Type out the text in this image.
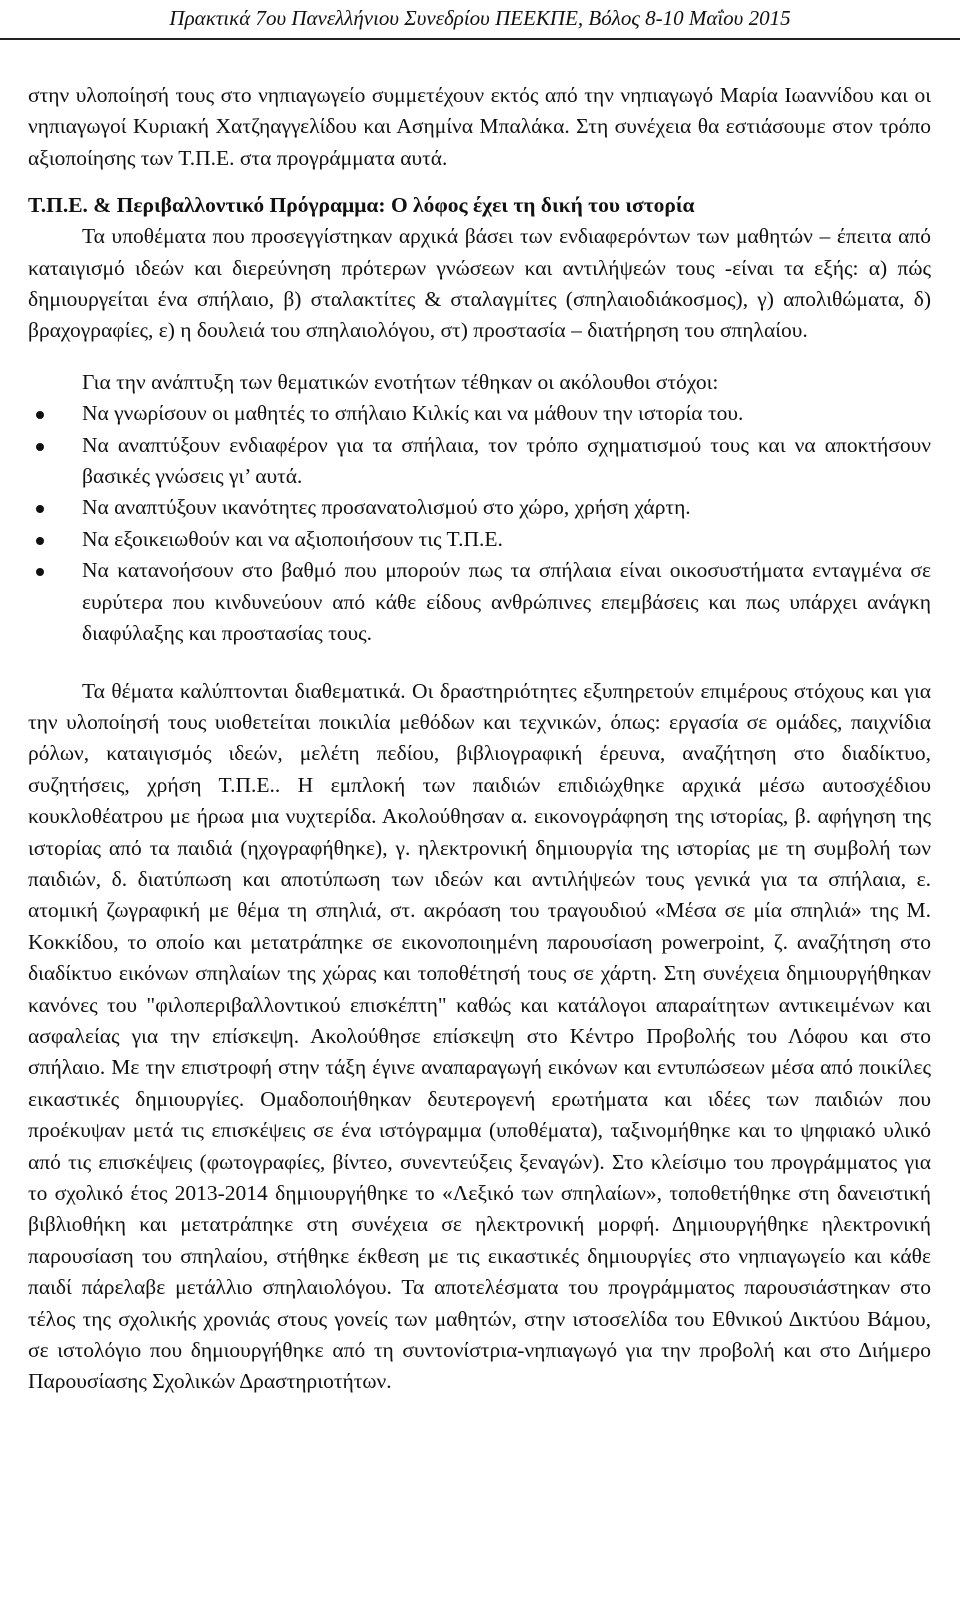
Πρακτικά 7ου Πανελλήνιου Συνεδρίου ΠΕΕΚΠΕ, Βόλος 8-10 Μαΐου 2015

στην υλοποίησή τους στο νηπιαγωγείο συμμετέχουν εκτός από την νηπιαγωγό Μαρία Ιωαννίδου και οι νηπιαγωγοί Κυριακή Χατζηαγγελίδου και Ασημίνα Μπαλάκα. Στη συνέχεια θα εστιάσουμε στον τρόπο αξιοποίησης των Τ.Π.Ε. στα προγράμματα αυτά.

Τ.Π.Ε. & Περιβαλλοντικό Πρόγραμμα: Ο λόφος έχει τη δική του ιστορία

Τα υποθέματα που προσεγγίστηκαν αρχικά βάσει των ενδιαφερόντων των μαθητών – έπειτα από καταιγισμό ιδεών και διερεύνηση πρότερων γνώσεων και αντιλήψεών τους -είναι τα εξής: α) πώς δημιουργείται ένα σπήλαιο, β) σταλακτίτες & σταλαγμίτες (σπηλαιοδιάκοσμος), γ) απολιθώματα, δ) βραχογραφίες, ε) η δουλειά του σπηλαιολόγου, στ) προστασία – διατήρηση του σπηλαίου.

Για την ανάπτυξη των θεματικών ενοτήτων τέθηκαν οι ακόλουθοι στόχοι:

Να γνωρίσουν οι μαθητές το σπήλαιο Κιλκίς και να μάθουν την ιστορία του.
Να αναπτύξουν ενδιαφέρον για τα σπήλαια, τον τρόπο σχηματισμού τους και να αποκτήσουν βασικές γνώσεις γι’ αυτά.
Να αναπτύξουν ικανότητες προσανατολισμού στο χώρο, χρήση χάρτη.
Να εξοικειωθούν και να αξιοποιήσουν τις Τ.Π.Ε.
Να κατανοήσουν στο βαθμό που μπορούν πως τα σπήλαια είναι οικοσυστήματα ενταγμένα σε ευρύτερα που κινδυνεύουν από κάθε είδους ανθρώπινες επεμβάσεις και πως υπάρχει ανάγκη διαφύλαξης και προστασίας τους.

Τα θέματα καλύπτονται διαθεματικά. Οι δραστηριότητες εξυπηρετούν επιμέρους στόχους και για την υλοποίησή τους υιοθετείται ποικιλία μεθόδων και τεχνικών, όπως: εργασία σε ομάδες, παιχνίδια ρόλων, καταιγισμός ιδεών, μελέτη πεδίου, βιβλιογραφική έρευνα, αναζήτηση στο διαδίκτυο, συζητήσεις, χρήση Τ.Π.Ε.. Η εμπλοκή των παιδιών επιδιώχθηκε αρχικά μέσω αυτοσχέδιου κουκλοθέατρου με ήρωα μια νυχτερίδα. Ακολούθησαν α. εικονογράφηση της ιστορίας, β. αφήγηση της ιστορίας από τα παιδιά (ηχογραφήθηκε), γ. ηλεκτρονική δημιουργία της ιστορίας με τη συμβολή των παιδιών, δ. διατύπωση και αποτύπωση των ιδεών και αντιλήψεών τους γενικά για τα σπήλαια, ε. ατομική ζωγραφική με θέμα τη σπηλιά, στ. ακρόαση του τραγουδιού «Μέσα σε μία σπηλιά» της Μ. Κοκκίδου, το οποίο και μετατράπηκε σε εικονοποιημένη παρουσίαση powerpoint, ζ. αναζήτηση στο διαδίκτυο εικόνων σπηλαίων της χώρας και τοποθέτησή τους σε χάρτη. Στη συνέχεια δημιουργήθηκαν κανόνες του "φιλοπεριβαλλοντικού επισκέπτη" καθώς και κατάλογοι απαραίτητων αντικειμένων και ασφαλείας για την επίσκεψη. Ακολούθησε επίσκεψη στο Κέντρο Προβολής του Λόφου και στο σπήλαιο. Με την επιστροφή στην τάξη έγινε αναπαραγωγή εικόνων και εντυπώσεων μέσα από ποικίλες εικαστικές δημιουργίες. Ομαδοποιήθηκαν δευτερογενή ερωτήματα και ιδέες των παιδιών που προέκυψαν μετά τις επισκέψεις σε ένα ιστόγραμμα (υποθέματα), ταξινομήθηκε και το ψηφιακό υλικό από τις επισκέψεις (φωτογραφίες, βίντεο, συνεντεύξεις ξεναγών). Στο κλείσιμο του προγράμματος για το σχολικό έτος 2013-2014 δημιουργήθηκε το «Λεξικό των σπηλαίων», τοποθετήθηκε στη δανειστική βιβλιοθήκη και μετατράπηκε στη συνέχεια σε ηλεκτρονική μορφή. Δημιουργήθηκε ηλεκτρονική παρουσίαση του σπηλαίου, στήθηκε έκθεση με τις εικαστικές δημιουργίες στο νηπιαγωγείο και κάθε παιδί πάρελαβε μετάλλιο σπηλαιολόγου. Τα αποτελέσματα του προγράμματος παρουσιάστηκαν στο τέλος της σχολικής χρονιάς στους γονείς των μαθητών, στην ιστοσελίδα του Εθνικού Δικτύου Βάμου, σε ιστολόγιο που δημιουργήθηκε από τη συντονίστρια-νηπιαγωγό για την προβολή και στο Διήμερο Παρουσίασης Σχολικών Δραστηριοτήτων.
